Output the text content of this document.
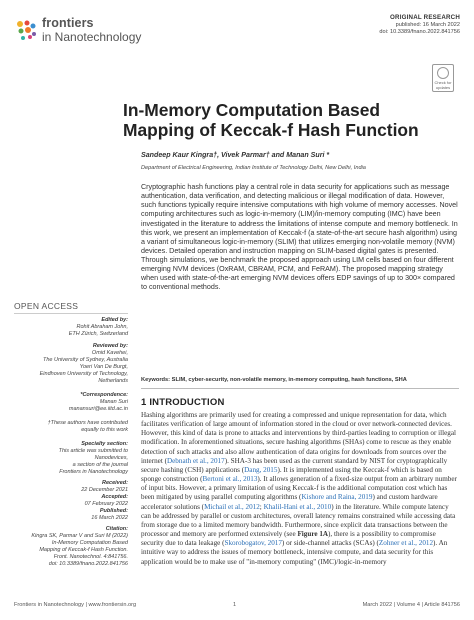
frontiers
in Nanotechnology
ORIGINAL RESEARCH
published: 16 March 2022
doi: 10.3389/fnano.2022.841756
Check for
updates
In-Memory Computation Based
Mapping of Keccak-f Hash Function
Sandeep Kaur Kingra†, Vivek Parmar† and Manan Suri *
Department of Electrical Engineering, Indian Institute of Technology Delhi, New Delhi, India
Cryptographic hash functions play a central role in data security for applications such as message authentication, data verification, and detecting malicious or illegal modification of data. However, such functions typically require intensive computations with high volume of memory accesses. Novel computing architectures such as logic-in-memory (LIM)/in-memory computing (IMC) have been investigated in the literature to address the limitations of intense compute and memory bottleneck. In this work, we present an implementation of Keccak-f (a state-of-the-art secure hash algorithm) using a variant of simultaneous logic-in-memory (SLIM) that utilizes emerging non-volatile memory (NVM) devices. Detailed operation and instruction mapping on SLIM-based digital gates is presented. Through simulations, we benchmark the proposed approach using LIM cells based on four different emerging NVM devices (OxRAM, CBRAM, PCM, and FeRAM). The proposed mapping strategy when used with state-of-the-art emerging NVM devices offers EDP savings of up to 300× compared to conventional methods.
Keywords: SLIM, cyber-security, non-volatile memory, in-memory computing, hash functions, SHA
1 INTRODUCTION
Hashing algorithms are primarily used for creating a compressed and unique representation for data, which facilitates verification of large amount of information stored in the cloud or over network-connected devices. However, this kind of data is prone to attacks and interventions by third-parties leading to corruption or illegal modification. In aforementioned situations, secure hashing algorithms (SHAs) come to rescue as they enable detection of such attacks and also allow authentication of data origins for downloads from sources over the internet (Debnath et al., 2017). SHA-3 has been used as the current standard by NIST for cryptographically secure hashing (CSH) applications (Dang, 2015). It is implemented using the Keccak-f which is based on sponge construction (Bertoni et al., 2013). It allows generation of a fixed-size output from an arbitrary number of input bits. However, a primary limitation of using Keccak-f is the additional computation cost which has been mitigated by using parallel computing algorithms (Kishore and Raina, 2019) and custom hardware accelerator solutions (Michail et al., 2012; Khalil-Hani et al., 2010) in the literature. While compute latency can be addressed by parallel or custom architectures, overall latency remains constrained while accessing data from storage due to a limited memory bandwidth. Furthermore, since explicit data transactions between the processor and memory are performed extensively (see Figure 1A), there is a possibility to compromise security due to data leakage (Skorobogatov, 2017) or side-channel attacks (SCAs) (Zohner et al., 2012). An intuitive way to address the issues of memory bottleneck, intensive compute, and data security for this application would be to make use of "in-memory computing" (IMC)/logic-in-memory
OPEN ACCESS
Edited by:
Rohit Abraham John,
ETH Zürich, Switzerland
Reviewed by:
Omid Kavehei,
The University of Sydney, Australia
Yoeri Van De Burgt,
Eindhoven University of Technology,
Netherlands
*Correspondence:
Manan Suri
manansuri@ee.iitd.ac.in
†These authors have contributed
equally to this work
Specialty section:
This article was submitted to
Nanodevices,
a section of the journal
Frontiers in Nanotechnology
Received:
22 December 2021
Accepted:
07 February 2022
Published:
16 March 2022
Citation:
Kingra SK, Parmar V and Suri M (2022)
In-Memory Computation Based
Mapping of Keccak-f Hash Function.
Front. Nanotechnol. 4:841756.
doi: 10.3389/fnano.2022.841756
Frontiers in Nanotechnology | www.frontiersin.org	1	March 2022 | Volume 4 | Article 841756
